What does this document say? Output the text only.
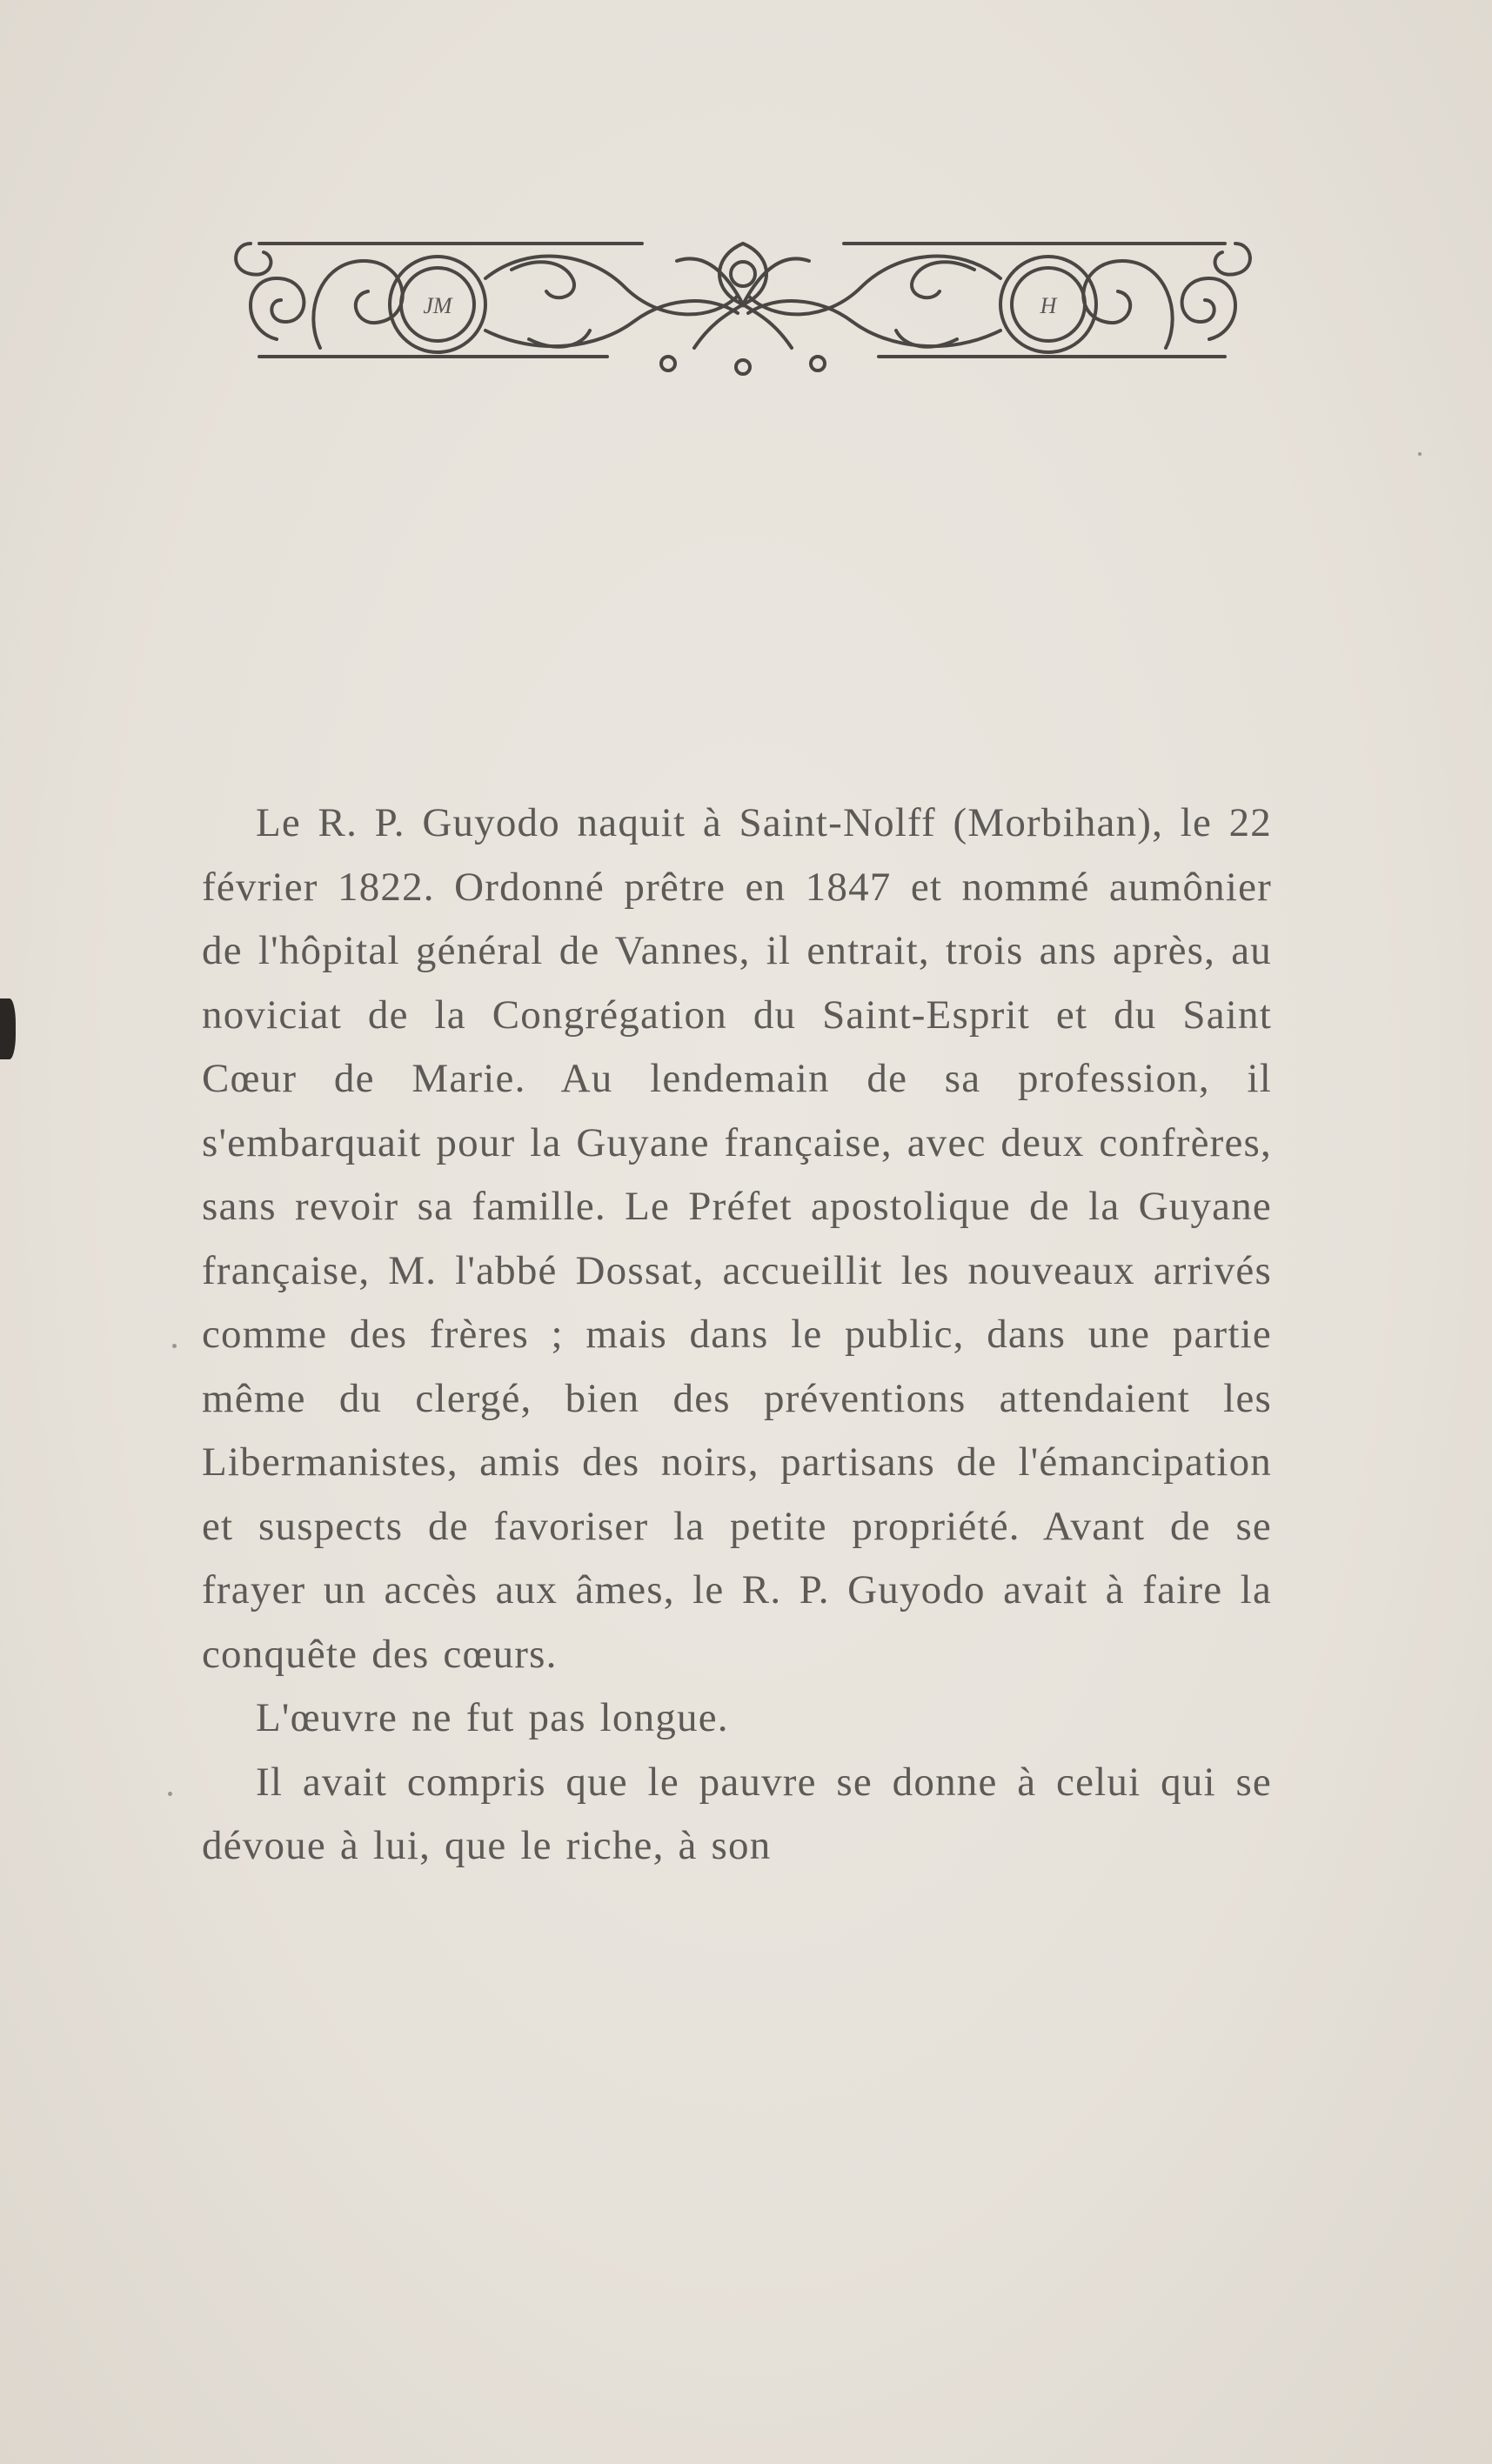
JM	H

Le R. P. Guyodo naquit à Saint-Nolff (Morbihan), le 22 février 1822. Ordonné prêtre en 1847 et nommé aumônier de l'hôpital général de Vannes, il entrait, trois ans après, au noviciat de la Congrégation du Saint-Esprit et du Saint Cœur de Marie. Au lendemain de sa profession, il s'embarquait pour la Guyane française, avec deux confrères, sans revoir sa famille. Le Préfet apostolique de la Guyane française, M. l'abbé Dossat, accueillit les nouveaux arrivés comme des frères ; mais dans le public, dans une partie même du clergé, bien des préventions attendaient les Libermanistes, amis des noirs, partisans de l'émancipation et suspects de favoriser la petite propriété. Avant de se frayer un accès aux âmes, le R. P. Guyodo avait à faire la conquête des cœurs.

L'œuvre ne fut pas longue.

Il avait compris que le pauvre se donne à celui qui se dévoue à lui, que le riche, à son
